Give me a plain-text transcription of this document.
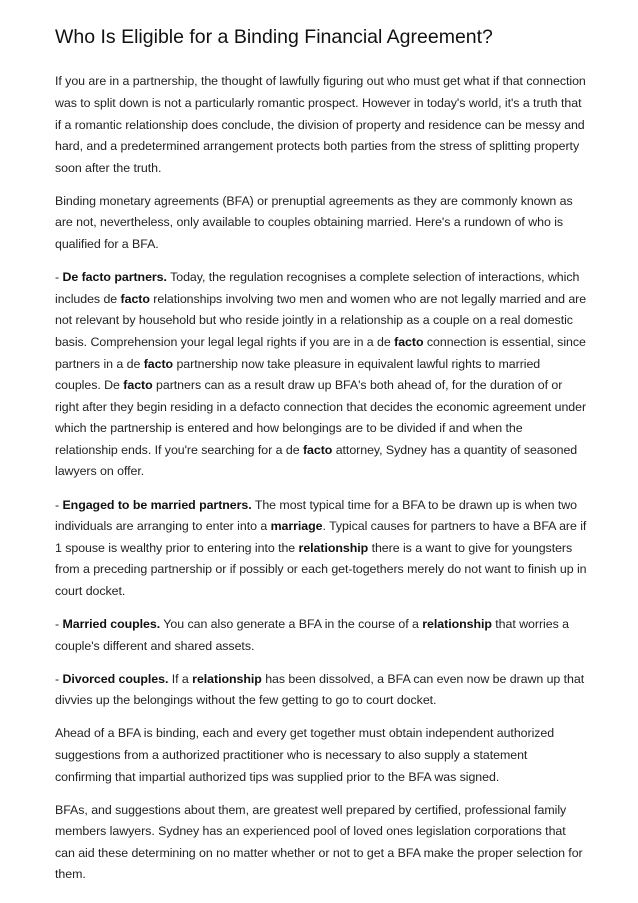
Who Is Eligible for a Binding Financial Agreement?

If you are in a partnership, the thought of lawfully figuring out who must get what if that connection was to split down is not a particularly romantic prospect. However in today's world, it's a truth that if a romantic relationship does conclude, the division of property and residence can be messy and hard, and a predetermined arrangement protects both parties from the stress of splitting property soon after the truth.

Binding monetary agreements (BFA) or prenuptial agreements as they are commonly known as are not, nevertheless, only available to couples obtaining married. Here's a rundown of who is qualified for a BFA.

- De facto partners. Today, the regulation recognises a complete selection of interactions, which includes de facto relationships involving two men and women who are not legally married and are not relevant by household but who reside jointly in a relationship as a couple on a real domestic basis. Comprehension your legal legal rights if you are in a de facto connection is essential, since partners in a de facto partnership now take pleasure in equivalent lawful rights to married couples. De facto partners can as a result draw up BFA's both ahead of, for the duration of or right after they begin residing in a defacto connection that decides the economic agreement under which the partnership is entered and how belongings are to be divided if and when the relationship ends. If you're searching for a de facto attorney, Sydney has a quantity of seasoned lawyers on offer.

- Engaged to be married partners. The most typical time for a BFA to be drawn up is when two individuals are arranging to enter into a marriage. Typical causes for partners to have a BFA are if 1 spouse is wealthy prior to entering into the relationship there is a want to give for youngsters from a preceding partnership or if possibly or each get-togethers merely do not want to finish up in court docket.

- Married couples. You can also generate a BFA in the course of a relationship that worries a couple's different and shared assets.

- Divorced couples. If a relationship has been dissolved, a BFA can even now be drawn up that divvies up the belongings without the few getting to go to court docket.

Ahead of a BFA is binding, each and every get together must obtain independent authorized suggestions from a authorized practitioner who is necessary to also supply a statement confirming that impartial authorized tips was supplied prior to the BFA was signed.

BFAs, and suggestions about them, are greatest well prepared by certified, professional family members lawyers. Sydney has an experienced pool of loved ones legislation corporations that can aid these determining on no matter whether or not to get a BFA make the proper selection for them.
